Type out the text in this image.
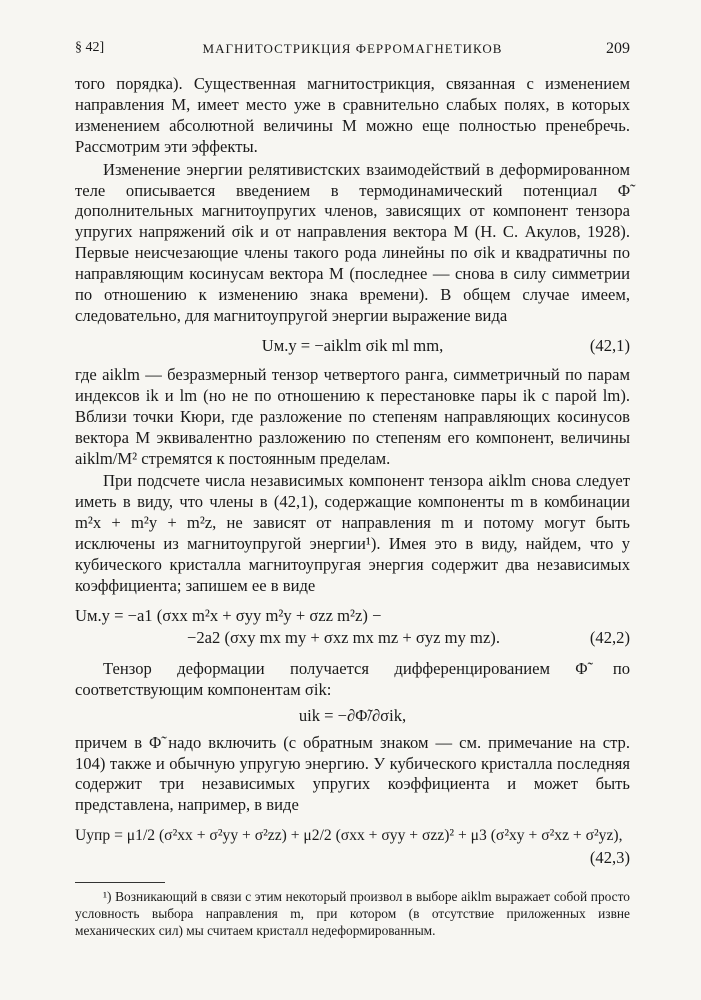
§ 42]	МАГНИТОСТРИКЦИЯ ФЕРРОМАГНЕТИКОВ	209

того порядка). Существенная магнитострикция, связанная с изменением направления М, имеет место уже в сравнительно слабых полях, в которых изменением абсолютной величины M можно еще полностью пренебречь. Рассмотрим эти эффекты.

Изменение энергии релятивистских взаимодействий в деформированном теле описывается введением в термодинамический потенциал Φ̃ дополнительных магнитоупругих членов, зависящих от компонент тензора упругих напряжений σik и от направления вектора М (Н. С. Акулов, 1928). Первые неисчезающие члены такого рода линейны по σik и квадратичны по направляющим косинусам вектора М (последнее — снова в силу симметрии по отношению к изменению знака времени). В общем случае имеем, следовательно, для магнитоупругой энергии выражение вида

Uм.у = −aiklm σik ml mm,	(42,1)

где aiklm — безразмерный тензор четвертого ранга, симметричный по парам индексов ik и lm (но не по отношению к перестановке пары ik с парой lm). Вблизи точки Кюри, где разложение по степеням направляющих косинусов вектора М эквивалентно разложению по степеням его компонент, величины aiklm/M² стремятся к постоянным пределам.

При подсчете числа независимых компонент тензора aiklm снова следует иметь в виду, что члены в (42,1), содержащие компоненты m в комбинации m²x + m²y + m²z, не зависят от направления m и потому могут быть исключены из магнитоупругой энергии¹). Имея это в виду, найдем, что у кубического кристалла магнитоупругая энергия содержит два независимых коэффициента; запишем ее в виде

Uм.у = −a1 (σxx m²x + σyy m²y + σzz m²z) −
−2a2 (σxy mx my + σxz mx mz + σyz my mz).	(42,2)

Тензор деформации получается дифференцированием Φ̃ по соответствующим компонентам σik:

uik = −∂Φ̃/∂σik,

причем в Φ̃ надо включить (с обратным знаком — см. примечание на стр. 104) также и обычную упругую энергию. У кубического кристалла последняя содержит три независимых упругих коэффициента и может быть представлена, например, в виде

Uупр = μ1/2 (σ²xx + σ²yy + σ²zz) + μ2/2 (σxx + σyy + σzz)² + μ3 (σ²xy + σ²xz + σ²yz),
(42,3)
¹) Возникающий в связи с этим некоторый произвол в выборе aiklm выражает собой просто условность выбора направления m, при котором (в отсутствие приложенных извне механических сил) мы считаем кристалл недеформированным.
